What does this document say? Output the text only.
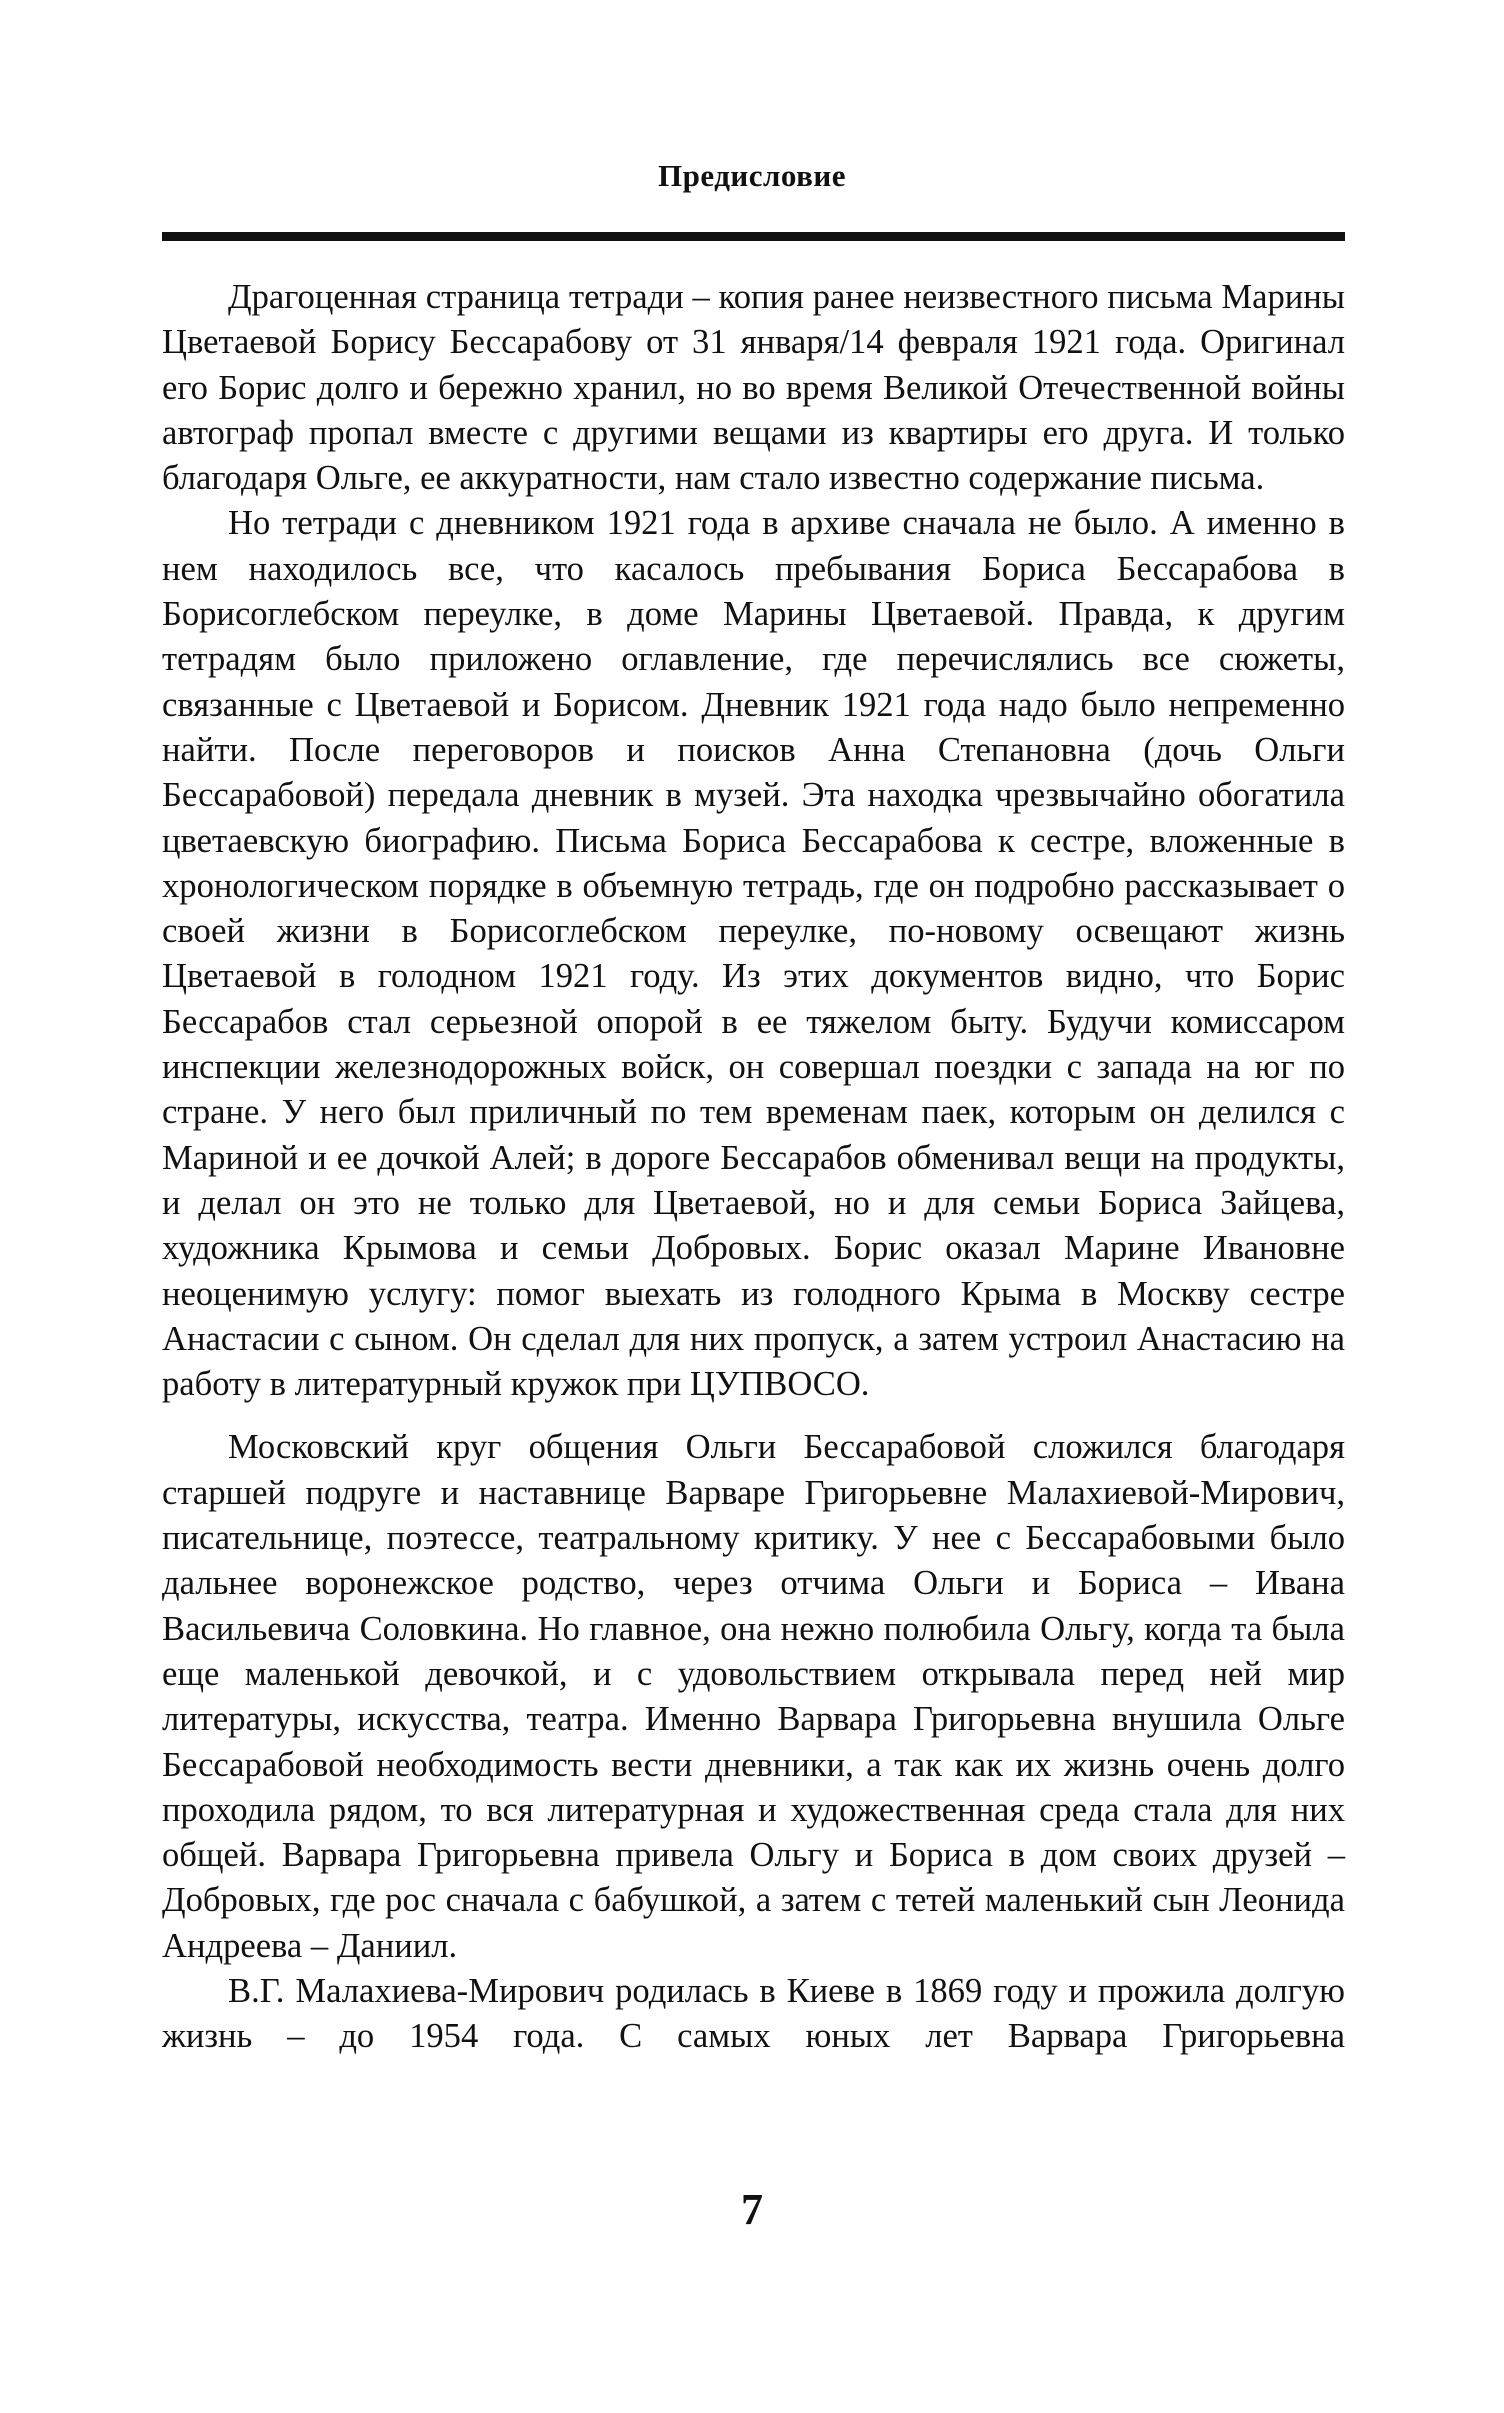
Предисловие

Драгоценная страница тетради – копия ранее неизвестного письма Марины Цветаевой Борису Бессарабову от 31 января/14 февраля 1921 года. Оригинал его Борис долго и бережно хранил, но во время Великой Отечественной войны автограф пропал вместе с другими вещами из квартиры его друга. И только благодаря Ольге, ее аккуратности, нам стало известно содержание письма.

Но тетради с дневником 1921 года в архиве сначала не было. А именно в нем находилось все, что касалось пребывания Бориса Бессарабова в Борисоглебском переулке, в доме Марины Цветаевой. Правда, к другим тетрадям было приложено оглавление, где перечислялись все сюжеты, связанные с Цветаевой и Борисом. Дневник 1921 года надо было непременно найти. После переговоров и поисков Анна Степановна (дочь Ольги Бессарабовой) передала дневник в музей. Эта находка чрезвычайно обогатила цветаевскую биографию. Письма Бориса Бессарабова к сестре, вложенные в хронологическом порядке в объемную тетрадь, где он подробно рассказывает о своей жизни в Борисоглебском переулке, по-новому освещают жизнь Цветаевой в голодном 1921 году. Из этих документов видно, что Борис Бессарабов стал серьезной опорой в ее тяжелом быту. Будучи комиссаром инспекции железнодорожных войск, он совершал поездки с запада на юг по стране. У него был приличный по тем временам паек, которым он делился с Мариной и ее дочкой Алей; в дороге Бессарабов обменивал вещи на продукты, и делал он это не только для Цветаевой, но и для семьи Бориса Зайцева, художника Крымова и семьи Добровых. Борис оказал Марине Ивановне неоценимую услугу: помог выехать из голодного Крыма в Москву сестре Анастасии с сыном. Он сделал для них пропуск, а затем устроил Анастасию на работу в литературный кружок при ЦУПВОСО.

Московский круг общения Ольги Бессарабовой сложился благодаря старшей подруге и наставнице Варваре Григорьевне Малахиевой-Мирович, писательнице, поэтессе, театральному критику. У нее с Бессарабовыми было дальнее воронежское родство, через отчима Ольги и Бориса – Ивана Васильевича Соловкина. Но главное, она нежно полюбила Ольгу, когда та была еще маленькой девочкой, и с удовольствием открывала перед ней мир литературы, искусства, театра. Именно Варвара Григорьевна внушила Ольге Бессарабовой необходимость вести дневники, а так как их жизнь очень долго проходила рядом, то вся литературная и художественная среда стала для них общей. Варвара Григорьевна привела Ольгу и Бориса в дом своих друзей – Добровых, где рос сначала с бабушкой, а затем с тетей маленький сын Леонида Андреева – Даниил.

В.Г. Малахиева-Мирович родилась в Киеве в 1869 году и прожила долгую жизнь – до 1954 года. С самых юных лет Варвара Григорьевна

7
